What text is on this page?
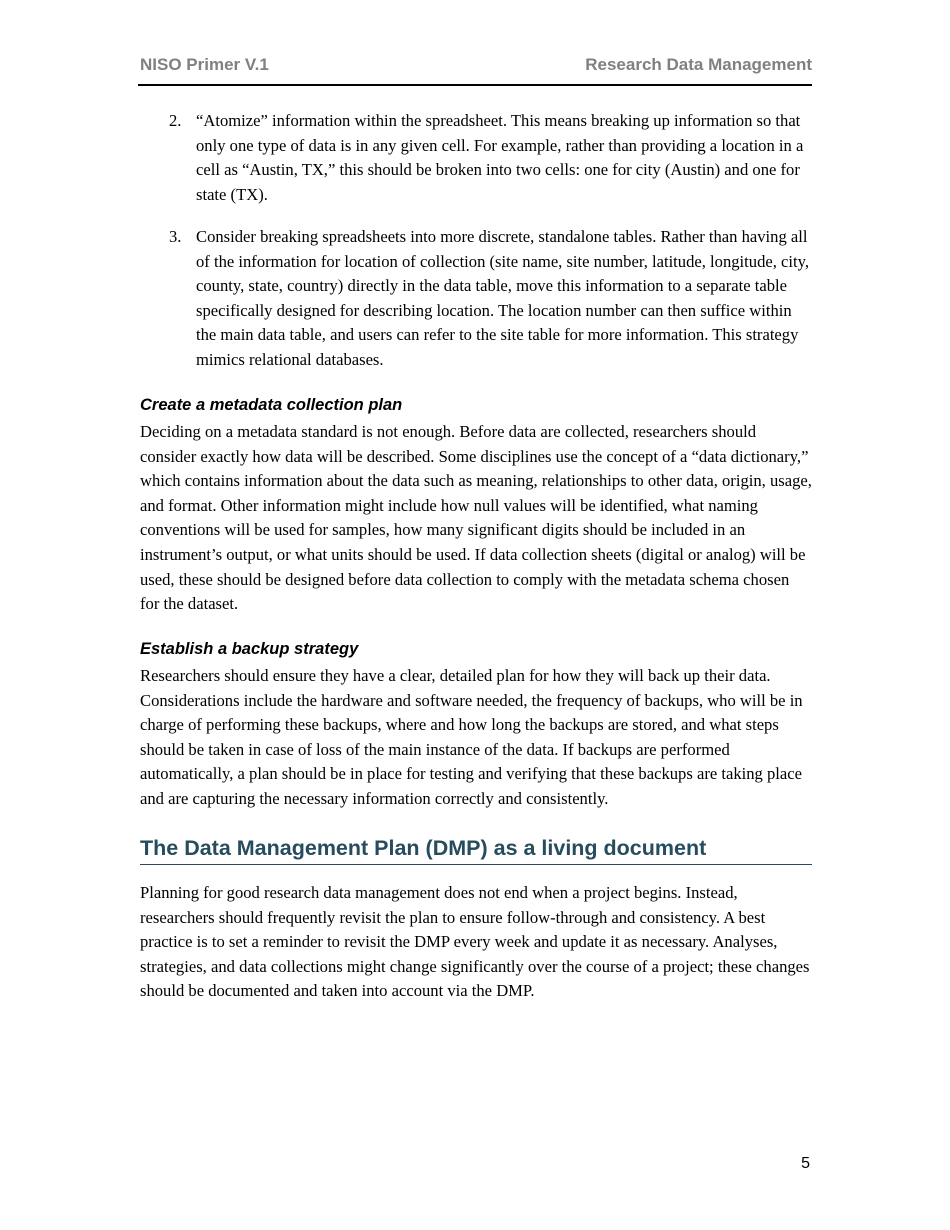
NISO Primer V.1	Research Data Management
2. “Atomize” information within the spreadsheet. This means breaking up information so that only one type of data is in any given cell. For example, rather than providing a location in a cell as “Austin, TX,” this should be broken into two cells: one for city (Austin) and one for state (TX).
3. Consider breaking spreadsheets into more discrete, standalone tables. Rather than having all of the information for location of collection (site name, site number, latitude, longitude, city, county, state, country) directly in the data table, move this information to a separate table specifically designed for describing location. The location number can then suffice within the main data table, and users can refer to the site table for more information. This strategy mimics relational databases.
Create a metadata collection plan

Deciding on a metadata standard is not enough. Before data are collected, researchers should consider exactly how data will be described. Some disciplines use the concept of a “data dictionary,” which contains information about the data such as meaning, relationships to other data, origin, usage, and format. Other information might include how null values will be identified, what naming conventions will be used for samples, how many significant digits should be included in an instrument’s output, or what units should be used. If data collection sheets (digital or analog) will be used, these should be designed before data collection to comply with the metadata schema chosen for the dataset.

Establish a backup strategy

Researchers should ensure they have a clear, detailed plan for how they will back up their data. Considerations include the hardware and software needed, the frequency of backups, who will be in charge of performing these backups, where and how long the backups are stored, and what steps should be taken in case of loss of the main instance of the data. If backups are performed automatically, a plan should be in place for testing and verifying that these backups are taking place and are capturing the necessary information correctly and consistently.

The Data Management Plan (DMP) as a living document

Planning for good research data management does not end when a project begins. Instead, researchers should frequently revisit the plan to ensure follow-through and consistency. A best practice is to set a reminder to revisit the DMP every week and update it as necessary. Analyses, strategies, and data collections might change significantly over the course of a project; these changes should be documented and taken into account via the DMP.

5
